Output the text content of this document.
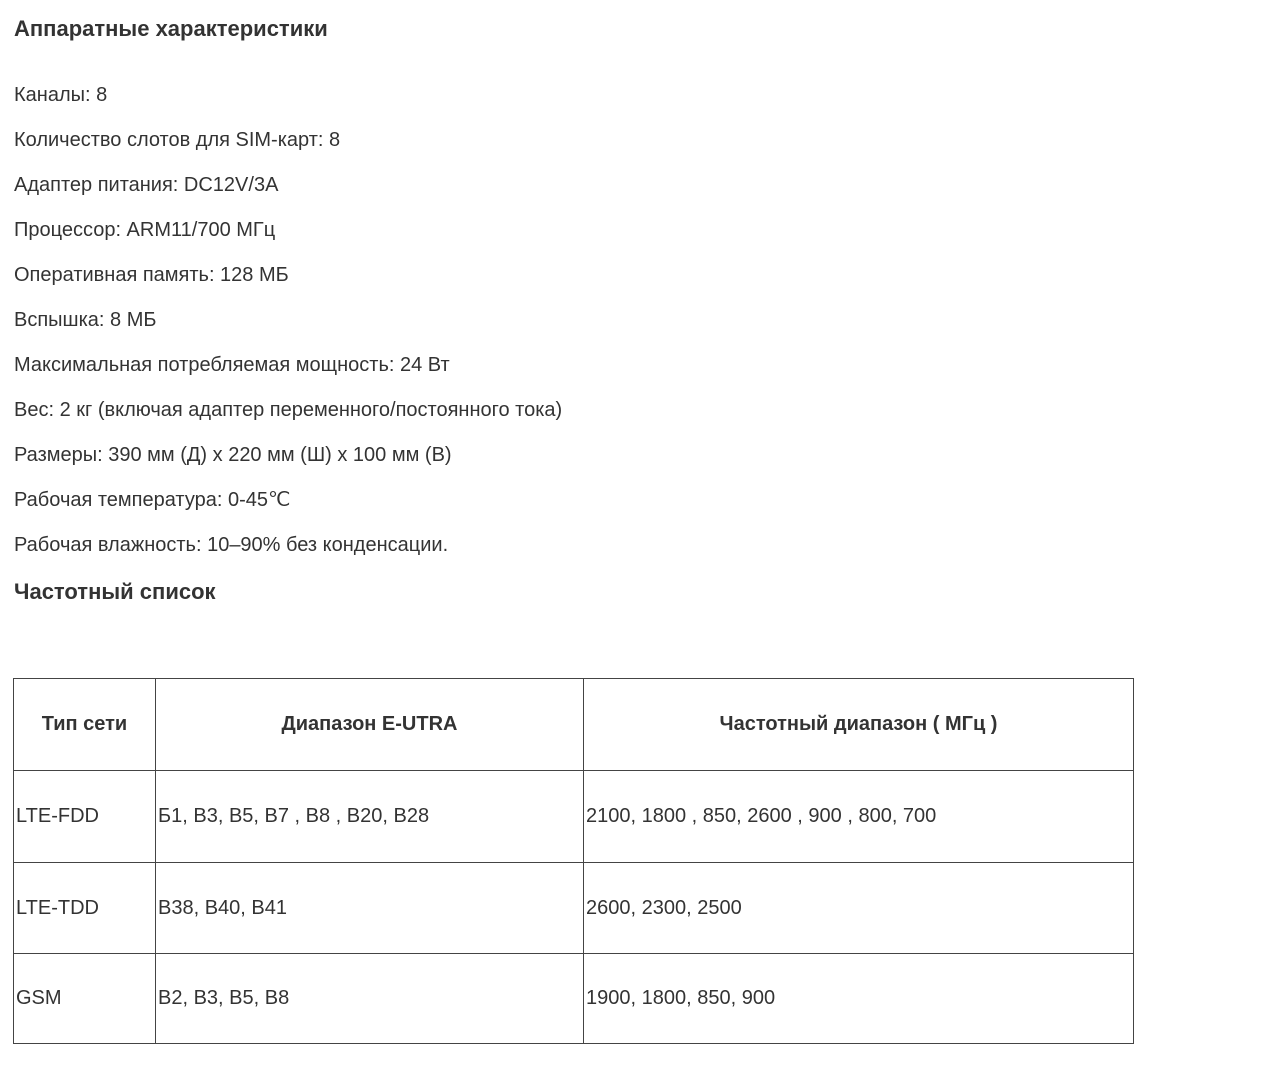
Аппаратные характеристики

Каналы: 8

Количество слотов для SIM-карт: 8

Адаптер питания: DC12V/3A

Процессор: ARM11/700 МГц

Оперативная память: 128 МБ

Вспышка: 8 МБ

Максимальная потребляемая мощность: 24 Вт

Вес: 2 кг (включая адаптер переменного/постоянного тока)

Размеры: 390 мм (Д) x 220 мм (Ш) x 100 мм (В)

Рабочая температура: 0-45℃

Рабочая влажность: 10–90% без конденсации.

Частотный список
Тип сети	Диапазон E-UTRA	Частотный диапазон ( МГц )
LTE-FDD	Б1, B3, B5, B7 , B8 , B20, B28	2100, 1800 , 850, 2600 , 900 , 800, 700
LTE-TDD	B38, B40, B41	2600, 2300, 2500
GSM	B2, B3, B5, B8	1900, 1800, 850, 900
